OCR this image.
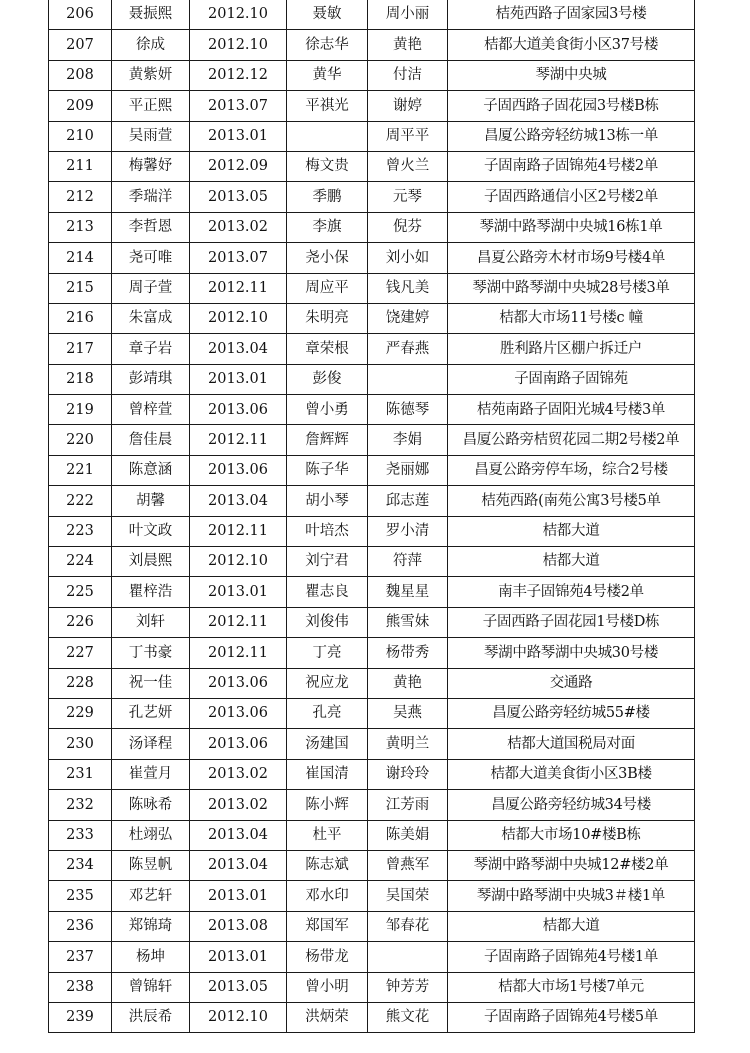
206	聂振熙	2012.10	聂敏	周小丽	桔苑西路子固家园3号楼
207	徐成	2012.10	徐志华	黄艳	桔都大道美食街小区37号楼
208	黄紫妍	2012.12	黄华	付洁	琴湖中央城
209	平正熙	2013.07	平祺光	谢婷	子固西路子固花园3号楼B栋
210	吴雨萱	2013.01		周平平	昌厦公路旁轻纺城13栋一单
211	梅馨妤	2012.09	梅文贵	曾火兰	子固南路子固锦苑4号楼2单
212	季瑞洋	2013.05	季鹏	元琴	子固西路通信小区2号楼2单
213	李哲恩	2013.02	李旗	倪芬	琴湖中路琴湖中央城16栋1单
214	尧可唯	2013.07	尧小保	刘小如	昌夏公路旁木材市场9号楼4单
215	周子萱	2012.11	周应平	钱凡美	琴湖中路琴湖中央城28号楼3单
216	朱富成	2012.10	朱明亮	饶建婷	桔都大市场11号楼c 幢
217	章子岩	2013.04	章荣根	严春燕	胜利路片区棚户拆迁户
218	彭靖琪	2013.01	彭俊		子固南路子固锦苑
219	曾梓萱	2013.06	曾小勇	陈德琴	桔苑南路子固阳光城4号楼3单
220	詹佳晨	2012.11	詹辉辉	李娟	昌厦公路旁桔贸花园二期2号楼2单
221	陈意涵	2013.06	陈子华	尧丽娜	昌夏公路旁停车场，综合2号楼
222	胡馨	2013.04	胡小琴	邱志莲	桔苑西路(南苑公寓3号楼5单
223	叶文政	2012.11	叶培杰	罗小清	桔都大道
224	刘晨熙	2012.10	刘宁君	符萍	桔都大道
225	瞿梓浩	2013.01	瞿志良	魏星星	南丰子固锦苑4号楼2单
226	刘轩	2012.11	刘俊伟	熊雪妹	子固西路子固花园1号楼D栋
227	丁书豪	2012.11	丁亮	杨带秀	琴湖中路琴湖中央城30号楼
228	祝一佳	2013.06	祝应龙	黄艳	交通路
229	孔艺妍	2013.06	孔亮	吴燕	昌厦公路旁轻纺城55#楼
230	汤译程	2013.06	汤建国	黄明兰	桔都大道国税局对面
231	崔萱月	2013.02	崔国清	谢玲玲	桔都大道美食街小区3B楼
232	陈咏希	2013.02	陈小辉	江芳雨	昌厦公路旁轻纺城34号楼
233	杜翊弘	2013.04	杜平	陈美娟	桔都大市场10#楼B栋
234	陈昱帆	2013.04	陈志斌	曾燕军	琴湖中路琴湖中央城12#楼2单
235	邓艺轩	2013.01	邓水印	吴国荣	琴湖中路琴湖中央城3＃楼1单
236	郑锦琦	2013.08	郑国军	邹春花	桔都大道
237	杨坤	2013.01	杨带龙		子固南路子固锦苑4号楼1单
238	曾锦轩	2013.05	曾小明	钟芳芳	桔都大市场1号楼7单元
239	洪辰希	2012.10	洪炳荣	熊文花	子固南路子固锦苑4号楼5单
